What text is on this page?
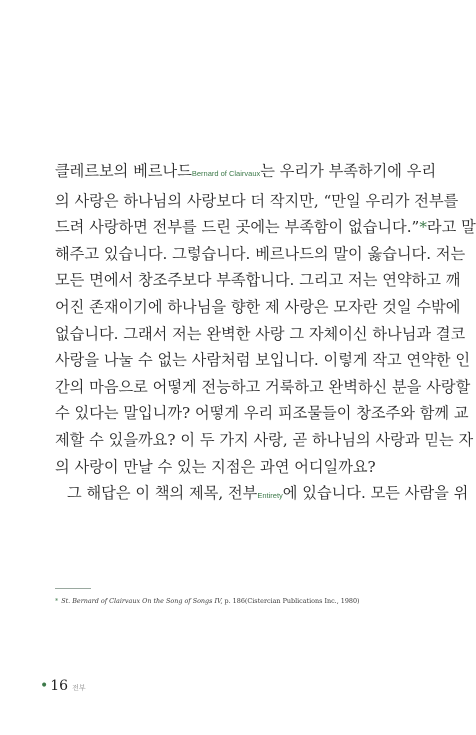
클레르보의 베르나드Bernard of Clairvaux는 우리가 부족하기에 우리
의 사랑은 하나님의 사랑보다 더 작지만, “만일 우리가 전부를
드려 사랑하면 전부를 드린 곳에는 부족함이 없습니다.”*라고 말
해주고 있습니다. 그렇습니다. 베르나드의 말이 옳습니다. 저는
모든 면에서 창조주보다 부족합니다. 그리고 저는 연약하고 깨
어진 존재이기에 하나님을 향한 제 사랑은 모자란 것일 수밖에
없습니다. 그래서 저는 완벽한 사랑 그 자체이신 하나님과 결코
사랑을 나눌 수 없는 사람처럼 보입니다. 이렇게 작고 연약한 인
간의 마음으로 어떻게 전능하고 거룩하고 완벽하신 분을 사랑할
수 있다는 말입니까? 어떻게 우리 피조물들이 창조주와 함께 교
제할 수 있을까요? 이 두 가지 사랑, 곧 하나님의 사랑과 믿는 자
의 사랑이 만날 수 있는 지점은 과연 어디일까요?
그 해답은 이 책의 제목, 전부Entirety에 있습니다. 모든 사람을 위
* St. Bernard of Clairvaux On the Song of Songs IV, p. 186(Cistercian Publications Inc., 1980)
• 16 전부
